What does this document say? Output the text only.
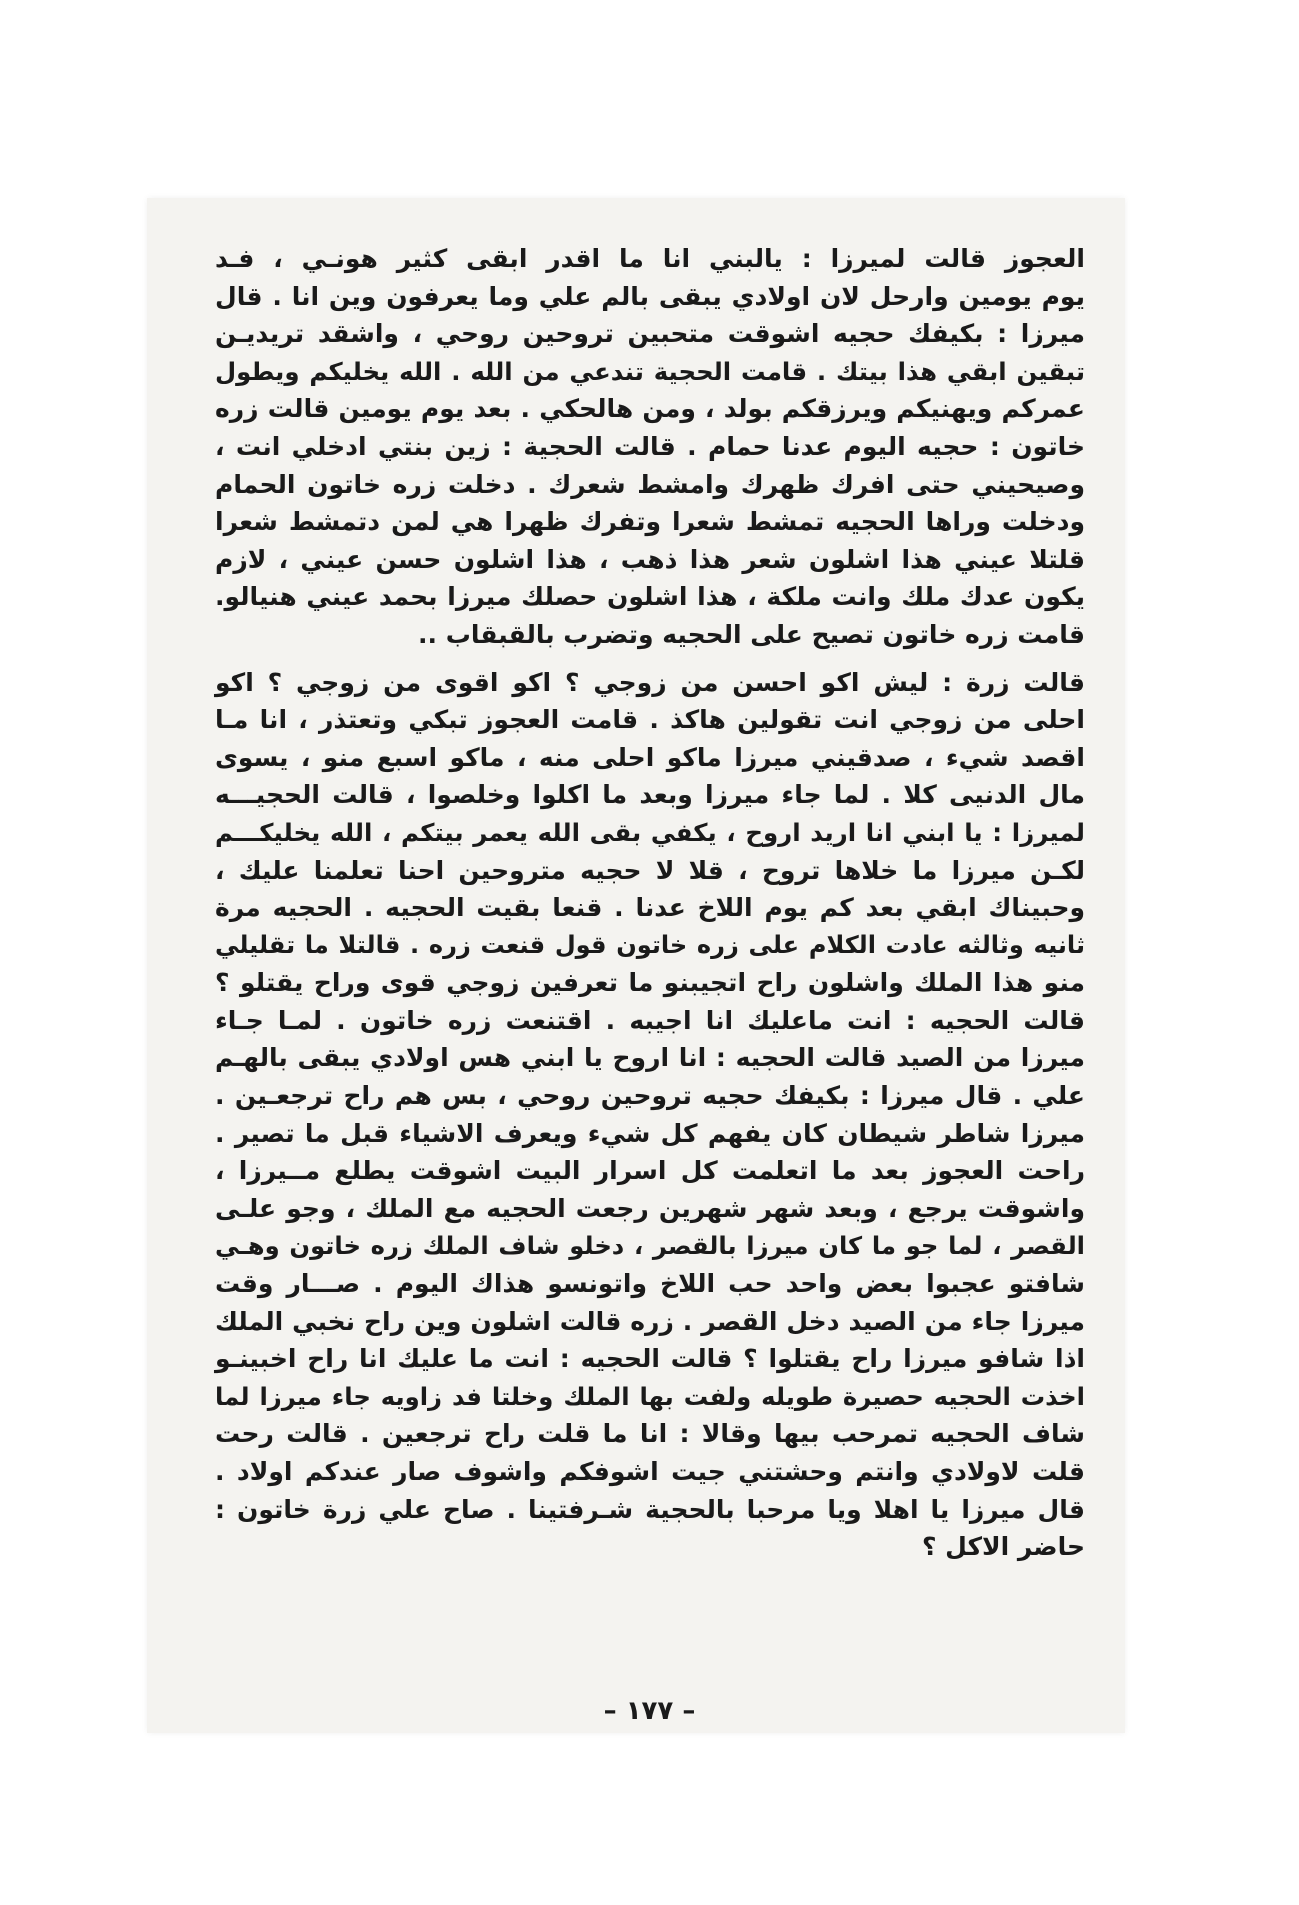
العجوز قالت لميرزا : يالبني انا ما اقدر ابقى كثير هونـي ، فـد
يوم يومين وارحل لان اولادي يبقى بالم علي وما يعرفون وين انا . قال
ميرزا : بكيفك حجيه اشوقت متحبين تروحين روحي ، واشقد تريديـن
تبقين ابقي هذا بيتك . قامت الحجية تندعي من الله . الله يخليكم ويطول
عمركم ويهنيكم ويرزقكم بولد ، ومن هالحكي . بعد يوم يومين قالت زره
خاتون : حجيه اليوم عدنا حمام . قالت الحجية : زين بنتي ادخلي انت ،
وصيحيني حتى افرك ظهرك وامشط شعرك . دخلت زره خاتون الحمام
ودخلت وراها الحجيه تمشط شعرا وتفرك ظهرا هي لمن دتمشط شعرا
قلتلا عيني هذا اشلون شعر هذا ذهب ، هذا اشلون حسن عيني ، لازم
يكون عدك ملك وانت ملكة ، هذا اشلون حصلك ميرزا بحمد عيني هنيالو.
قامت زره خاتون تصيح على الحجيه وتضرب بالقبقاب ..
قالت زرة : ليش اكو احسن من زوجي ؟ اكو اقوى من زوجي ؟ اكو
احلى من زوجي انت تقولين هاكذ . قامت العجوز تبكي وتعتذر ، انا مـا
اقصد شيء ، صدقيني ميرزا ماكو احلى منه ، ماكو اسبع منو ، يسوى
مال الدنيى كلا . لما جاء ميرزا وبعد ما اكلوا وخلصوا ، قالت الحجيـــه
لميرزا : يا ابني انا اريد اروح ، يكفي بقى الله يعمر بيتكم ، الله يخليكـــم
لكـن ميرزا ما خلاها تروح ، قلا لا حجيه متروحين احنا تعلمنا عليك ،
وحبيناك ابقي بعد كم يوم اللاخ عدنا . قنعا بقيت الحجيه . الحجيه مرة
ثانيه وثالثه عادت الكلام على زره خاتون قول قنعت زره . قالتلا ما تقليلي
منو هذا الملك واشلون راح اتجيبنو ما تعرفين زوجي قوى وراح يقتلو ؟
قالت الحجيه : انت ماعليك انا اجيبه . اقتنعت زره خاتون . لمـا جـاء
ميرزا من الصيد قالت الحجيه : انا اروح يا ابني هس اولادي يبقى بالهـم
علي . قال ميرزا : بكيفك حجيه تروحين روحي ، بس هم راح ترجعـين .
ميرزا شاطر شيطان كان يفهم كل شيء ويعرف الاشياء قبل ما تصير .
راحت العجوز بعد ما اتعلمت كل اسرار البيت اشوقت يطلع مــيرزا ،
واشوقت يرجع ، وبعد شهر شهرين رجعت الحجيه مع الملك ، وجو علـى
القصر ، لما جو ما كان ميرزا بالقصر ، دخلو شاف الملك زره خاتون وهـي
شافتو عجبوا بعض واحد حب اللاخ واتونسو هذاك اليوم . صـــار وقت
ميرزا جاء من الصيد دخل القصر . زره قالت اشلون وين راح نخبي الملك
اذا شافو ميرزا راح يقتلوا ؟ قالت الحجيه : انت ما عليك انا راح اخبينـو
اخذت الحجيه حصيرة طويله ولفت بها الملك وخلتا فد زاويه جاء ميرزا لما
شاف الحجيه تمرحب بيها وقالا : انا ما قلت راح ترجعين . قالت رحت
قلت لاولادي وانتم وحشتني جيت اشوفكم واشوف صار عندكم اولاد .
قال ميرزا يا اهلا ويا مرحبا بالحجية شـرفتينا . صاح علي زرة خاتون :
حاضر الاكل ؟
– ١٧٧ –
